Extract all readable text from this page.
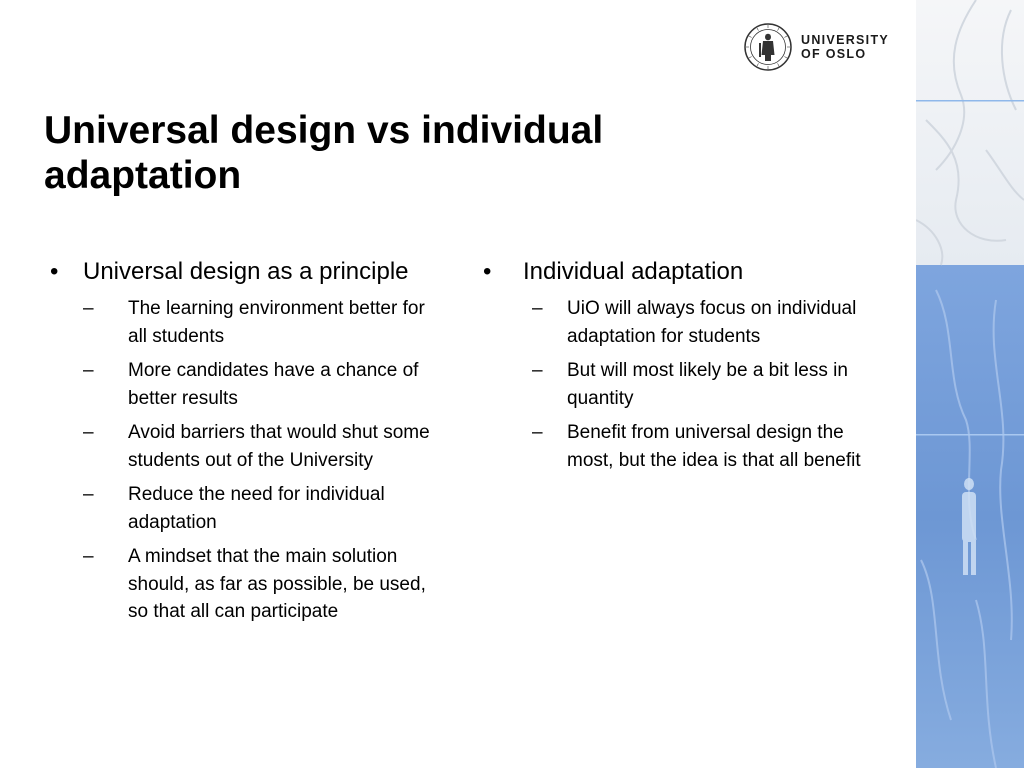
UNIVERSITY
OF OSLO
Universal design vs individual adaptation
•	Universal design as a principle
–	The learning environment better for all students
–	More candidates have a chance of better results
–	Avoid barriers that would shut some students out of the University
–	Reduce the need for individual adaptation
–	A mindset that the main solution should, as far as possible, be used, so that all can participate
•	Individual adaptation
–	UiO will always focus on individual adaptation for students
–	But will most likely be a bit less in quantity
–	Benefit from universal design the most, but the idea is that all benefit
